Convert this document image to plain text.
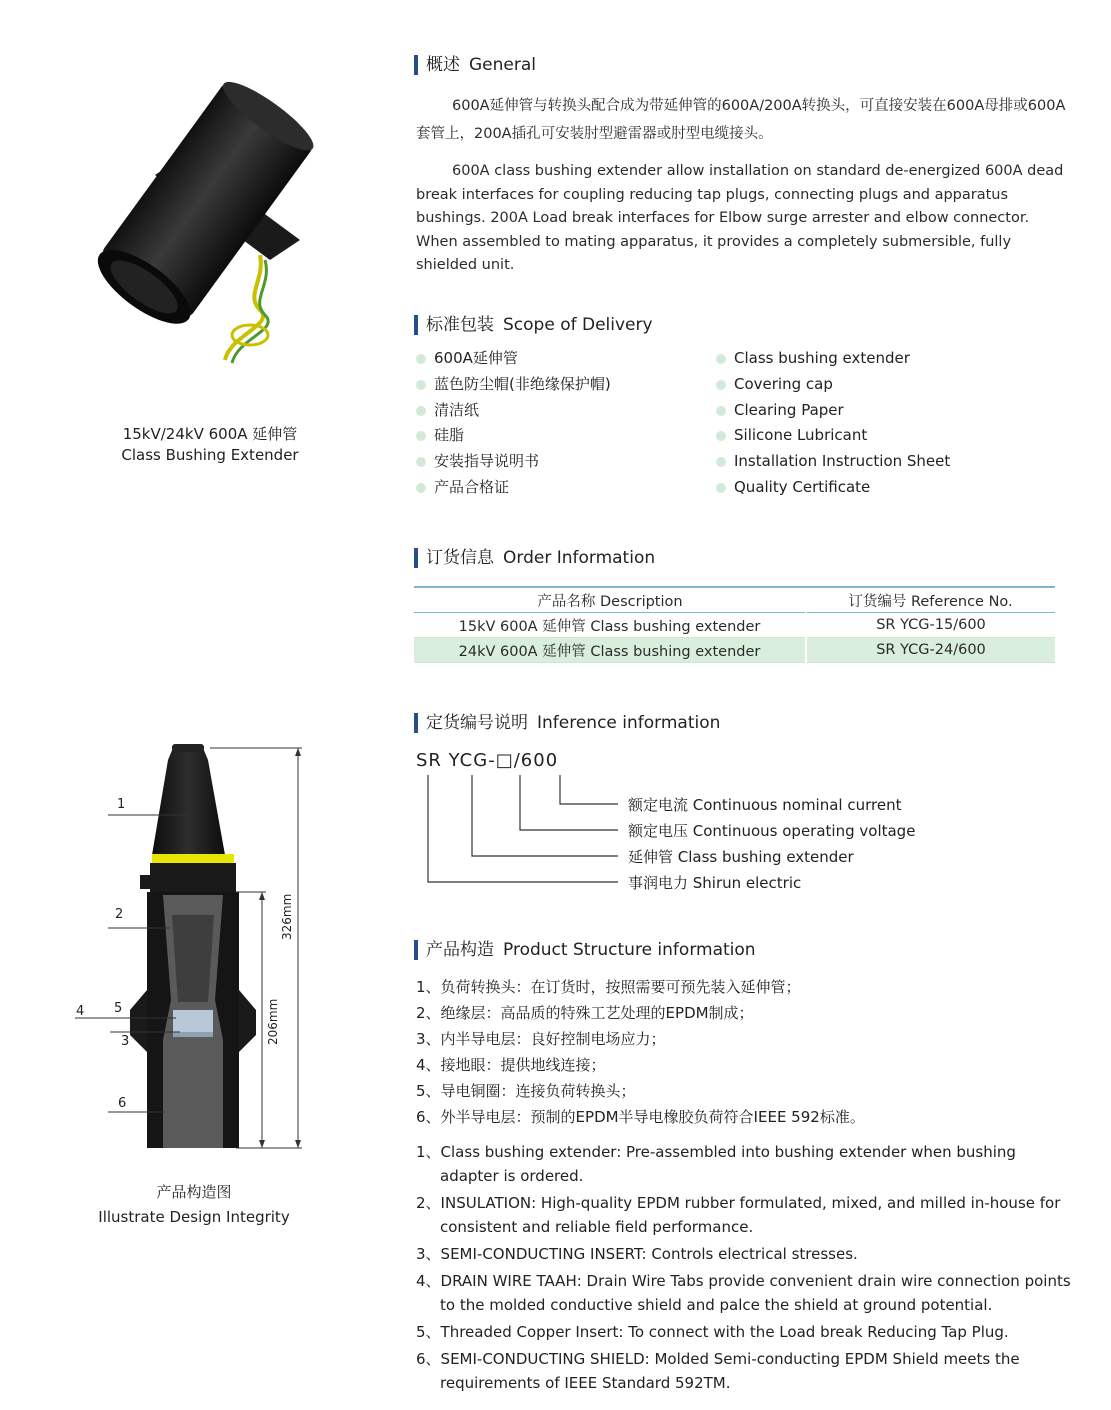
15kV/24kV 600A 延伸管
Class Bushing Extender
概述 General
600A延伸管与转换头配合成为带延伸管的600A/200A转换头，可直接安装在600A母排或600A套管上，200A插孔可安装肘型避雷器或肘型电缆接头。
600A class bushing extender allow installation on standard de-energized 600A dead break interfaces for coupling reducing tap plugs, connecting plugs and apparatus bushings. 200A Load break interfaces for Elbow surge arrester and elbow connector. When assembled to mating apparatus, it provides a completely submersible, fully shielded unit.
标准包装 Scope of Delivery
600A延伸管
蓝色防尘帽(非绝缘保护帽)
清洁纸
硅脂
安装指导说明书
产品合格证
Class bushing extender
Covering cap
Clearing Paper
Silicone Lubricant
Installation Instruction Sheet
Quality Certificate
订货信息 Order Information
产品名称 Description	订货编号 Reference No.
15kV 600A 延伸管 Class bushing extender	SR YCG-15/600
24kV 600A 延伸管 Class bushing extender	SR YCG-24/600
定货编号说明 Inference information
SR YCG-□/600
额定电流 Continuous nominal current
额定电压 Continuous operating voltage
延伸管 Class bushing extender
事润电力 Shirun electric
产品构造 Product Structure information
1、负荷转换头：在订货时，按照需要可预先装入延伸管；
2、绝缘层：高品质的特殊工艺处理的EPDM制成；
3、内半导电层：良好控制电场应力；
4、接地眼：提供地线连接；
5、导电铜圈：连接负荷转换头；
6、外半导电层：预制的EPDM半导电橡胶负荷符合IEEE 592标准。
1、Class bushing extender: Pre-assembled into bushing extender when bushing adapter is ordered.
2、INSULATION: High-quality EPDM rubber formulated, mixed, and milled in-house for consistent and reliable field performance.
3、SEMI-CONDUCTING INSERT: Controls electrical stresses.
4、DRAIN WIRE TAAH: Drain Wire Tabs provide convenient drain wire connection points to the molded conductive shield and palce the shield at ground potential.
5、Threaded Copper Insert: To connect with the Load break Reducing Tap Plug.
6、SEMI-CONDUCTING SHIELD: Molded Semi-conducting EPDM Shield meets the requirements of IEEE Standard 592TM.
1
2
3
4 5
6
326mm
206mm
产品构造图
Illustrate Design Integrity
